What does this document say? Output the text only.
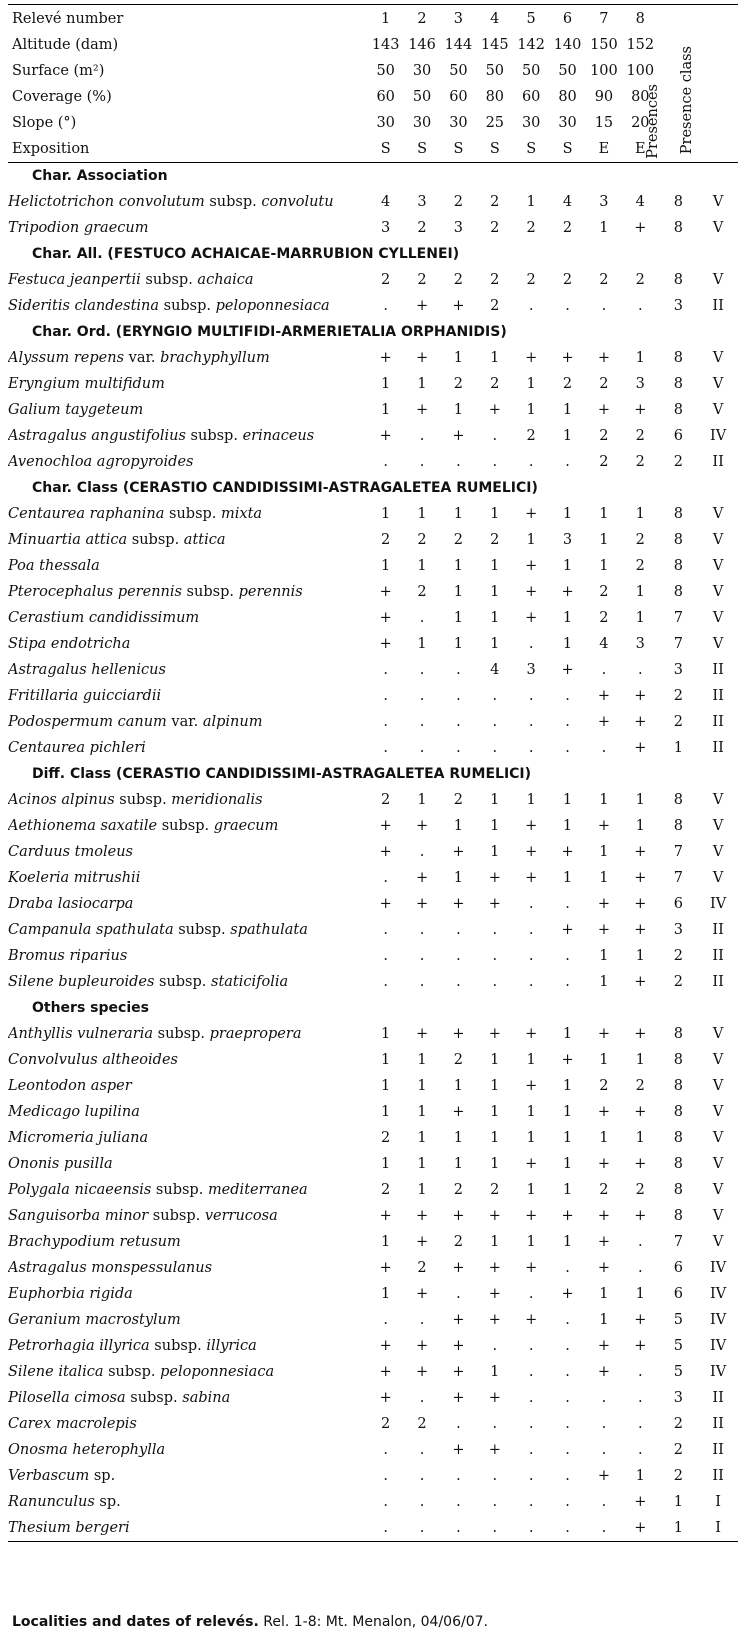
Relevé number	1	2	3	4	5	6	7	8		
Altitude (dam)	143	146	144	145	142	140	150	152		
Surface (m²)	50	30	50	50	50	50	100	100		
Coverage (%)	60	50	60	80	60	80	90	80		
Slope (°)	30	30	30	25	30	30	15	20		
Exposition	S	S	S	S	S	S	E	E		
Char. Association										
Helictotrichon convolutum subsp. convolutu	4	3	2	2	1	4	3	4	8	V
Tripodion graecum	3	2	3	2	2	2	1	+	8	V
Char. All. (FESTUCO ACHAICAE-MARRUBION CYLLENEI)										
Festuca jeanpertii subsp. achaica	2	2	2	2	2	2	2	2	8	V
Sideritis clandestina subsp. peloponnesiaca	.	+	+	2	.	.	.	.	3	II
Char. Ord. (ERYNGIO MULTIFIDI-ARMERIETALIA ORPHANIDIS)										
Alyssum repens var. brachyphyllum	+	+	1	1	+	+	+	1	8	V
Eryngium multifidum	1	1	2	2	1	2	2	3	8	V
Galium taygeteum	1	+	1	+	1	1	+	+	8	V
Astragalus angustifolius subsp. erinaceus	+	.	+	.	2	1	2	2	6	IV
Avenochloa agropyroides	.	.	.	.	.	.	2	2	2	II
Char. Class (CERASTIO CANDIDISSIMI-ASTRAGALETEA RUMELICI)										
Centaurea raphanina subsp. mixta	1	1	1	1	+	1	1	1	8	V
Minuartia attica subsp. attica	2	2	2	2	1	3	1	2	8	V
Poa thessala	1	1	1	1	+	1	1	2	8	V
Pterocephalus perennis subsp. perennis	+	2	1	1	+	+	2	1	8	V
Cerastium candidissimum	+	.	1	1	+	1	2	1	7	V
Stipa endotricha	+	1	1	1	.	1	4	3	7	V
Astragalus hellenicus	.	.	.	4	3	+	.	.	3	II
Fritillaria guicciardii	.	.	.	.	.	.	+	+	2	II
Podospermum canum var. alpinum	.	.	.	.	.	.	+	+	2	II
Centaurea pichleri	.	.	.	.	.	.	.	+	1	II
Diff. Class (CERASTIO CANDIDISSIMI-ASTRAGALETEA RUMELICI)										
Acinos alpinus subsp. meridionalis	2	1	2	1	1	1	1	1	8	V
Aethionema saxatile subsp. graecum	+	+	1	1	+	1	+	1	8	V
Carduus tmoleus	+	.	+	1	+	+	1	+	7	V
Koeleria mitrushii	.	+	1	+	+	1	1	+	7	V
Draba lasiocarpa	+	+	+	+	.	.	+	+	6	IV
Campanula spathulata subsp. spathulata	.	.	.	.	.	+	+	+	3	II
Bromus riparius	.	.	.	.	.	.	1	1	2	II
Silene bupleuroides subsp. staticifolia	.	.	.	.	.	.	1	+	2	II
Others species										
Anthyllis vulneraria subsp. praepropera	1	+	+	+	+	1	+	+	8	V
Convolvulus altheoides	1	1	2	1	1	+	1	1	8	V
Leontodon asper	1	1	1	1	+	1	2	2	8	V
Medicago lupilina	1	1	+	1	1	1	+	+	8	V
Micromeria juliana	2	1	1	1	1	1	1	1	8	V
Ononis pusilla	1	1	1	1	+	1	+	+	8	V
Polygala nicaeensis subsp. mediterranea	2	1	2	2	1	1	2	2	8	V
Sanguisorba minor subsp. verrucosa	+	+	+	+	+	+	+	+	8	V
Brachypodium retusum	1	+	2	1	1	1	+	.	7	V
Astragalus monspessulanus	+	2	+	+	+	.	+	.	6	IV
Euphorbia rigida	1	+	.	+	.	+	1	1	6	IV
Geranium macrostylum	.	.	+	+	+	.	1	+	5	IV
Petrorhagia illyrica subsp. illyrica	+	+	+	.	.	.	+	+	5	IV
Silene italica subsp. peloponnesiaca	+	+	+	1	.	.	+	.	5	IV
Pilosella cimosa subsp. sabina	+	.	+	+	.	.	.	.	3	II
Carex macrolepis	2	2	.	.	.	.	.	.	2	II
Onosma heterophylla	.	.	+	+	.	.	.	.	2	II
Verbascum sp.	.	.	.	.	.	.	+	1	2	II
Ranunculus sp.	.	.	.	.	.	.	.	+	1	I
Thesium bergeri	.	.	.	.	.	.	.	+	1	I
Presences Presence class
Localities and dates of relevés. Rel. 1-8: Mt. Menalon, 04/06/07.
